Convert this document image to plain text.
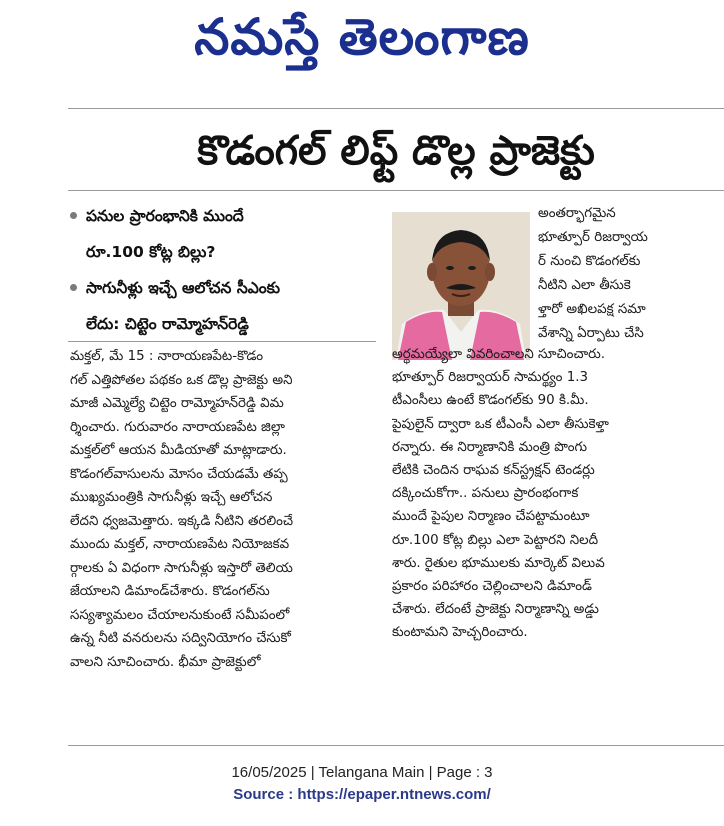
నమస్తే తెలంగాణ
కొడంగల్ లిఫ్ట్ డొల్ల ప్రాజెక్టు
పనుల ప్రారంభానికి ముందే
రూ.100 కోట్ల బిల్లు?
సాగునీళ్లు ఇచ్చే ఆలోచన సీఎంకు
లేదు: చిట్టెం రామ్మోహన్‌రెడ్డి
మక్తల్, మే 15 : నారాయణపేట-కొడం
గల్ ఎత్తిపోతల పథకం ఒక డొల్ల ప్రాజెక్టు అని
మాజీ ఎమ్మెల్యే చిట్టెం రామ్మోహన్‌రెడ్డి విమ
ర్శించారు. గురువారం నారాయణపేట జిల్లా
మక్తల్‌లో ఆయన మీడియాతో మాట్లాడారు.
కొడంగల్‌వాసులను మోసం చేయడమే తప్ప
ముఖ్యమంత్రికి సాగునీళ్లు ఇచ్చే ఆలోచన
లేదని ధ్వజమెత్తారు. ఇక్కడి నీటిని తరలించే
ముందు మక్తల్, నారాయణపేట నియోజకవ
ర్గాలకు ఏ విధంగా సాగునీళ్లు ఇస్తారో తెలియ
జేయాలని డిమాండ్‌చేశారు. కొడంగల్‌ను
సస్యశ్యామలం చేయాలనుకుంటే సమీపంలో
ఉన్న నీటి వనరులను సద్వినియోగం చేసుకో
వాలని సూచించారు. భీమా ప్రాజెక్టులో
అంతర్భాగమైన
భూత్పూర్ రిజర్వాయ
ర్ నుంచి కొడంగల్‌కు
నీటిని ఎలా తీసుకె
ళ్తారో అఖిలపక్ష సమా
వేశాన్ని ఏర్పాటు చేసి
అర్థమయ్యేలా వివరించాలని సూచించారు.
భూత్పూర్ రిజర్వాయర్ సామర్థ్యం 1.3
టీఎంసీలు ఉంటే కొడంగల్‌కు 90 కి.మీ.
పైపులైన్ ద్వారా ఒక టీఎంసీ ఎలా తీసుకెళ్తా
రన్నారు. ఈ నిర్మాణానికి మంత్రి పొంగు
లేటికి చెందిన రాఘవ కన్‌స్ట్రక్షన్ టెండర్లు
దక్కించుకోగా.. పనులు ప్రారంభంగాక
ముందే పైపుల నిర్మాణం చేపట్టామంటూ
రూ.100 కోట్ల బిల్లు ఎలా పెట్టారని నిలదీ
శారు. రైతుల భూములకు మార్కెట్ విలువ
ప్రకారం పరిహారం చెల్లించాలని డిమాండ్
చేశారు. లేదంటే ప్రాజెక్టు నిర్మాణాన్ని అడ్డు
కుంటామని హెచ్చరించారు.
16/05/2025 | Telangana Main | Page : 3
Source : https://epaper.ntnews.com/
